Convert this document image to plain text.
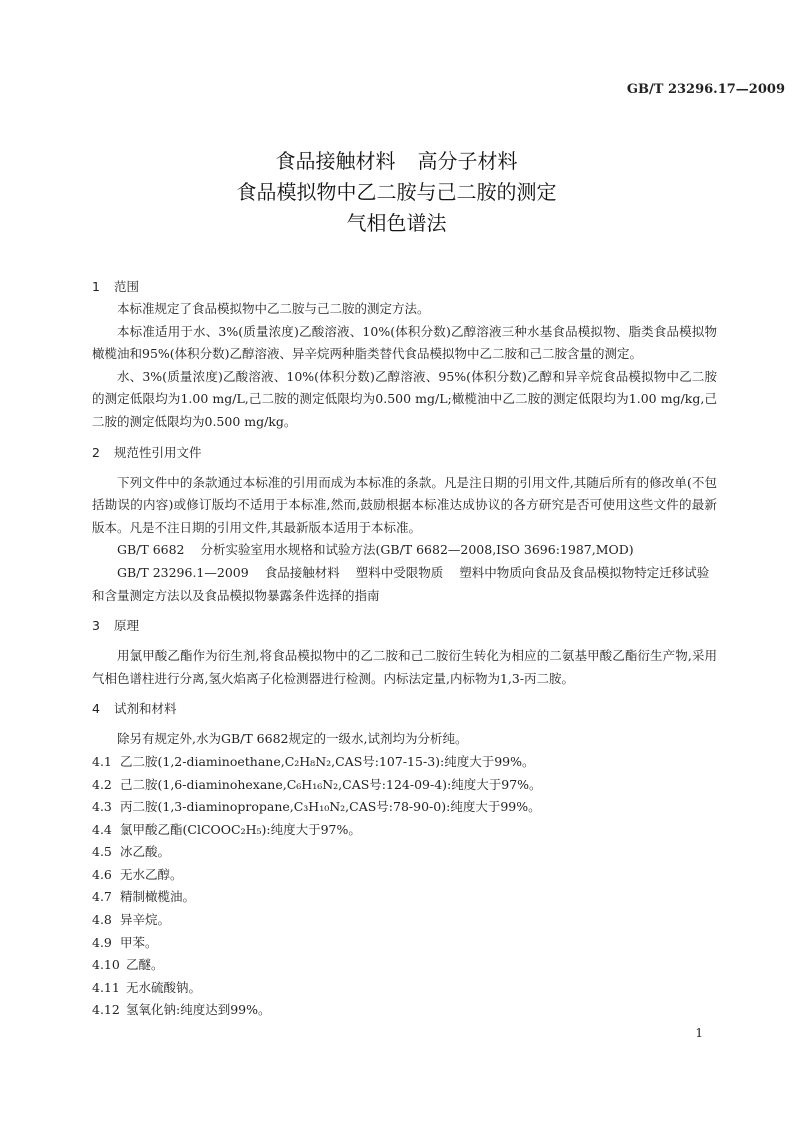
GB/T 23296.17—2009
食品接触材料 高分子材料
食品模拟物中乙二胺与己二胺的测定
气相色谱法
1 范围

本标准规定了食品模拟物中乙二胺与己二胺的测定方法。

本标准适用于水、3%(质量浓度)乙酸溶液、10%(体积分数)乙醇溶液三种水基食品模拟物、脂类食品模拟物橄榄油和95%(体积分数)乙醇溶液、异辛烷两种脂类替代食品模拟物中乙二胺和己二胺含量的测定。

水、3%(质量浓度)乙酸溶液、10%(体积分数)乙醇溶液、95%(体积分数)乙醇和异辛烷食品模拟物中乙二胺的测定低限均为1.00 mg/L,己二胺的测定低限均为0.500 mg/L;橄榄油中乙二胺的测定低限均为1.00 mg/kg,己二胺的测定低限均为0.500 mg/kg。

2 规范性引用文件

下列文件中的条款通过本标准的引用而成为本标准的条款。凡是注日期的引用文件,其随后所有的修改单(不包括勘误的内容)或修订版均不适用于本标准,然而,鼓励根据本标准达成协议的各方研究是否可使用这些文件的最新版本。凡是不注日期的引用文件,其最新版本适用于本标准。

GB/T 6682 分析实验室用水规格和试验方法(GB/T 6682—2008,ISO 3696:1987,MOD)

GB/T 23296.1—2009 食品接触材料 塑料中受限物质 塑料中物质向食品及食品模拟物特定迁移试验和含量测定方法以及食品模拟物暴露条件选择的指南

3 原理

用氯甲酸乙酯作为衍生剂,将食品模拟物中的乙二胺和己二胺衍生转化为相应的二氨基甲酸乙酯衍生产物,采用气相色谱柱进行分离,氢火焰离子化检测器进行检测。内标法定量,内标物为1,3-丙二胺。

4 试剂和材料

除另有规定外,水为GB/T 6682规定的一级水,试剂均为分析纯。

4.1 乙二胺(1,2-diaminoethane,C₂H₈N₂,CAS号:107-15-3):纯度大于99%。

4.2 己二胺(1,6-diaminohexane,C₆H₁₆N₂,CAS号:124-09-4):纯度大于97%。

4.3 丙二胺(1,3-diaminopropane,C₃H₁₀N₂,CAS号:78-90-0):纯度大于99%。

4.4 氯甲酸乙酯(ClCOOC₂H₅):纯度大于97%。

4.5 冰乙酸。

4.6 无水乙醇。

4.7 精制橄榄油。

4.8 异辛烷。

4.9 甲苯。

4.10 乙醚。

4.11 无水硫酸钠。

4.12 氢氧化钠:纯度达到99%。

1
